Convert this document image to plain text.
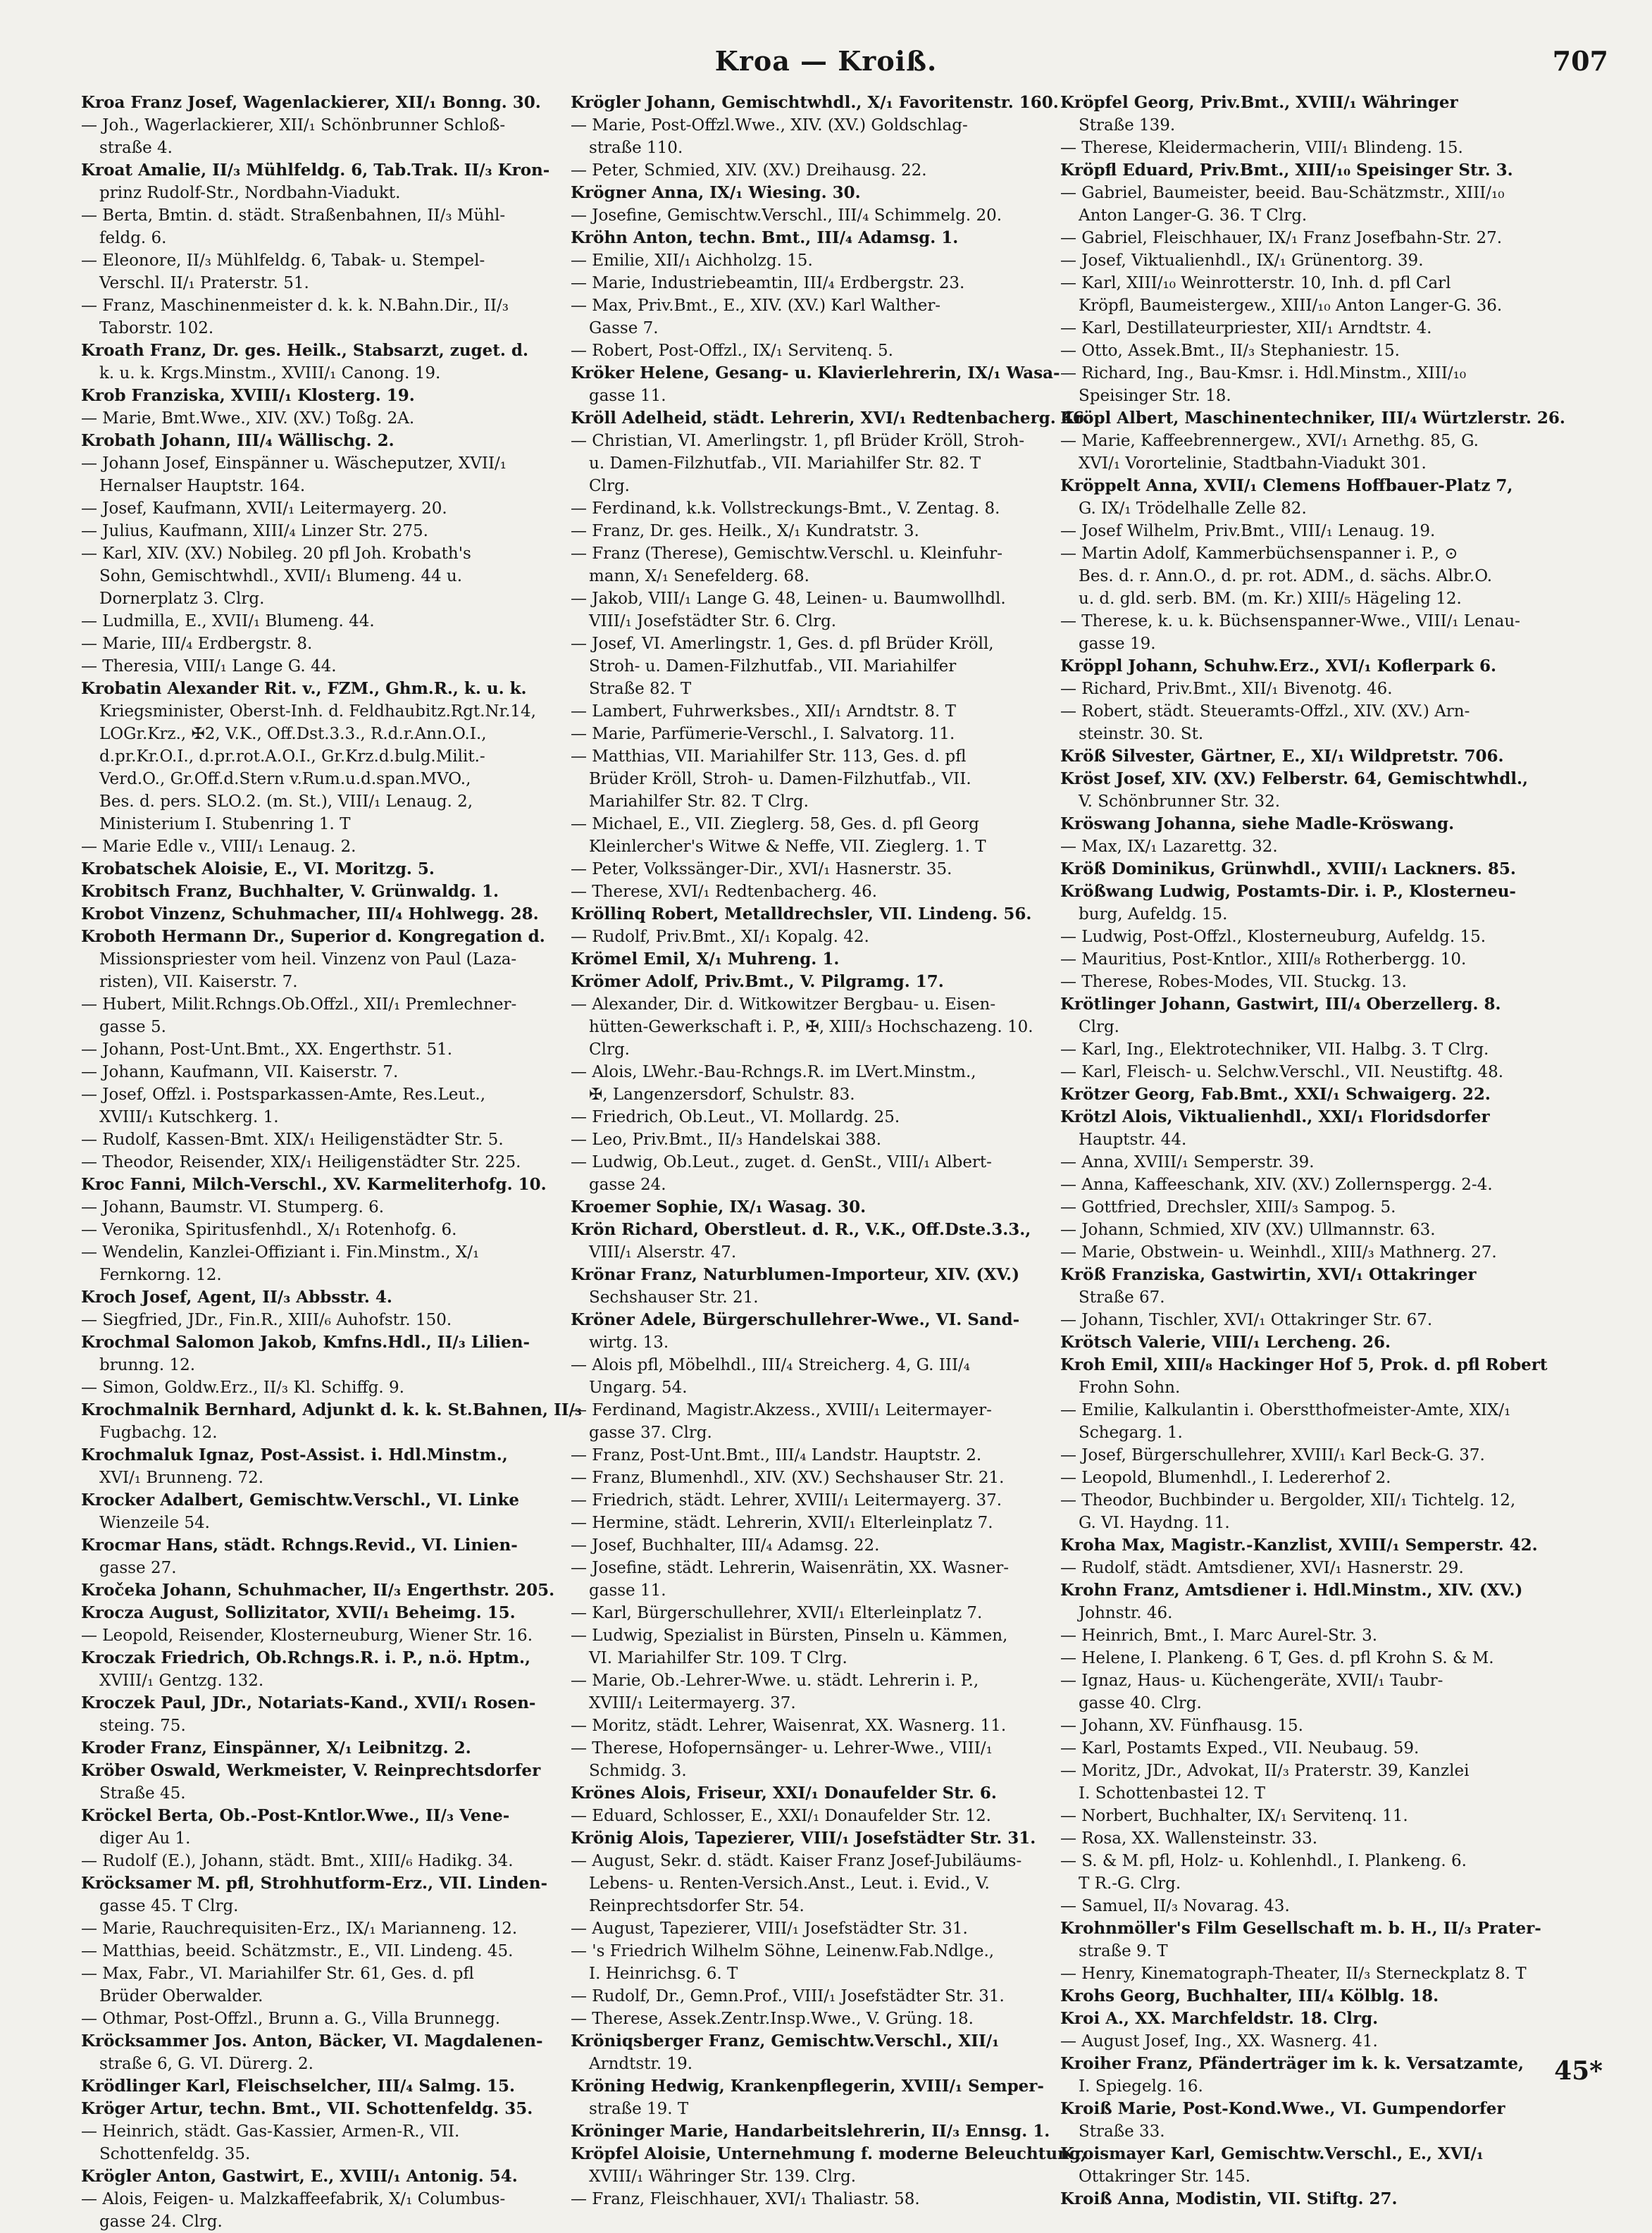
Kroa — Kroiß.	707
Kroa Franz Josef, Wagenlackierer, XII/₁ Bonng. 30.
— Joh., Wagerlackierer, XII/₁ Schönbrunner Schloß-
straße 4.
Kroat Amalie, II/₃ Mühlfeldg. 6, Tab.Trak. II/₃ Kron-
prinz Rudolf-Str., Nordbahn-Viadukt.
— Berta, Bmtin. d. städt. Straßenbahnen, II/₃ Mühl-
feldg. 6.
— Eleonore, II/₃ Mühlfeldg. 6, Tabak- u. Stempel-
Verschl. II/₁ Praterstr. 51.
— Franz, Maschinenmeister d. k. k. N.Bahn.Dir., II/₃
Taborstr. 102.
Kroath Franz, Dr. ges. Heilk., Stabsarzt, zuget. d.
k. u. k. Krgs.Minstm., XVIII/₁ Canong. 19.
Krob Franziska, XVIII/₁ Klosterg. 19.
— Marie, Bmt.Wwe., XIV. (XV.) Toßg. 2A.
Krobath Johann, III/₄ Wällischg. 2.
— Johann Josef, Einspänner u. Wäscheputzer, XVII/₁
Hernalser Hauptstr. 164.
— Josef, Kaufmann, XVII/₁ Leitermayerg. 20.
— Julius, Kaufmann, XIII/₄ Linzer Str. 275.
— Karl, XIV. (XV.) Nobileg. 20 pfl Joh. Krobath's
Sohn, Gemischtwhdl., XVII/₁ Blumeng. 44 u.
Dornerplatz 3. Clrg.
— Ludmilla, E., XVII/₁ Blumeng. 44.
— Marie, III/₄ Erdbergstr. 8.
— Theresia, VIII/₁ Lange G. 44.
Krobatin Alexander Rit. v., FZM., Ghm.R., k. u. k.
Kriegsminister, Oberst-Inh. d. Feldhaubitz.Rgt.Nr.14,
LOGr.Krz., ✠2, V.K., Off.Dst.3.3., R.d.r.Ann.O.I.,
d.pr.Kr.O.I., d.pr.rot.A.O.I., Gr.Krz.d.bulg.Milit.-
Verd.O., Gr.Off.d.Stern v.Rum.u.d.span.MVO.,
Bes. d. pers. SLO.2. (m. St.), VIII/₁ Lenaug. 2,
Ministerium I. Stubenring 1. T
— Marie Edle v., VIII/₁ Lenaug. 2.
Krobatschek Aloisie, E., VI. Moritzg. 5.
Krobitsch Franz, Buchhalter, V. Grünwaldg. 1.
Krobot Vinzenz, Schuhmacher, III/₄ Hohlwegg. 28.
Kroboth Hermann Dr., Superior d. Kongregation d.
Missionspriester vom heil. Vinzenz von Paul (Laza-
risten), VII. Kaiserstr. 7.
— Hubert, Milit.Rchngs.Ob.Offzl., XII/₁ Premlechner-
gasse 5.
— Johann, Post-Unt.Bmt., XX. Engerthstr. 51.
— Johann, Kaufmann, VII. Kaiserstr. 7.
— Josef, Offzl. i. Postsparkassen-Amte, Res.Leut.,
XVIII/₁ Kutschkerg. 1.
— Rudolf, Kassen-Bmt. XIX/₁ Heiligenstädter Str. 5.
— Theodor, Reisender, XIX/₁ Heiligenstädter Str. 225.
Kroc Fanni, Milch-Verschl., XV. Karmeliterhofg. 10.
— Johann, Baumstr. VI. Stumperg. 6.
— Veronika, Spiritusfenhdl., X/₁ Rotenhofg. 6.
— Wendelin, Kanzlei-Offiziant i. Fin.Minstm., X/₁
Fernkorng. 12.
Kroch Josef, Agent, II/₃ Abbsstr. 4.
— Siegfried, JDr., Fin.R., XIII/₆ Auhofstr. 150.
Krochmal Salomon Jakob, Kmfns.Hdl., II/₃ Lilien-
brunng. 12.
— Simon, Goldw.Erz., II/₃ Kl. Schiffg. 9.
Krochmalnik Bernhard, Adjunkt d. k. k. St.Bahnen, II/₃
Fugbachg. 12.
Krochmaluk Ignaz, Post-Assist. i. Hdl.Minstm.,
XVI/₁ Brunneng. 72.
Krocker Adalbert, Gemischtw.Verschl., VI. Linke
Wienzeile 54.
Krocmar Hans, städt. Rchngs.Revid., VI. Linien-
gasse 27.
Kročeka Johann, Schuhmacher, II/₃ Engerthstr. 205.
Krocza August, Sollizitator, XVII/₁ Beheimg. 15.
— Leopold, Reisender, Klosterneuburg, Wiener Str. 16.
Kroczak Friedrich, Ob.Rchngs.R. i. P., n.ö. Hptm.,
XVIII/₁ Gentzg. 132.
Kroczek Paul, JDr., Notariats-Kand., XVII/₁ Rosen-
steing. 75.
Kroder Franz, Einspänner, X/₁ Leibnitzg. 2.
Kröber Oswald, Werkmeister, V. Reinprechtsdorfer
Straße 45.
Kröckel Berta, Ob.-Post-Kntlor.Wwe., II/₃ Vene-
diger Au 1.
— Rudolf (E.), Johann, städt. Bmt., XIII/₆ Hadikg. 34.
Kröcksamer M. pfl, Strohhutform-Erz., VII. Linden-
gasse 45. T Clrg.
— Marie, Rauchrequisiten-Erz., IX/₁ Marianneng. 12.
— Matthias, beeid. Schätzmstr., E., VII. Lindeng. 45.
— Max, Fabr., VI. Mariahilfer Str. 61, Ges. d. pfl
Brüder Oberwalder.
— Othmar, Post-Offzl., Brunn a. G., Villa Brunnegg.
Kröcksammer Jos. Anton, Bäcker, VI. Magdalenen-
straße 6, G. VI. Dürerg. 2.
Krödlinger Karl, Fleischselcher, III/₄ Salmg. 15.
Kröger Artur, techn. Bmt., VII. Schottenfeldg. 35.
— Heinrich, städt. Gas-Kassier, Armen-R., VII.
Schottenfeldg. 35.
Krögler Anton, Gastwirt, E., XVIII/₁ Antonig. 54.
— Alois, Feigen- u. Malzkaffeefabrik, X/₁ Columbus-
gasse 24. Clrg.
Krögler Johann, Gemischtwhdl., X/₁ Favoritenstr. 160.
— Marie, Post-Offzl.Wwe., XIV. (XV.) Goldschlag-
straße 110.
— Peter, Schmied, XIV. (XV.) Dreihausg. 22.
Krögner Anna, IX/₁ Wiesing. 30.
— Josefine, Gemischtw.Verschl., III/₄ Schimmelg. 20.
Kröhn Anton, techn. Bmt., III/₄ Adamsg. 1.
— Emilie, XII/₁ Aichholzg. 15.
— Marie, Industriebeamtin, III/₄ Erdbergstr. 23.
— Max, Priv.Bmt., E., XIV. (XV.) Karl Walther-
Gasse 7.
— Robert, Post-Offzl., IX/₁ Servitenq. 5.
Kröker Helene, Gesang- u. Klavierlehrerin, IX/₁ Wasa-
gasse 11.
Kröll Adelheid, städt. Lehrerin, XVI/₁ Redtenbacherg. 46.
— Christian, VI. Amerlingstr. 1, pfl Brüder Kröll, Stroh-
u. Damen-Filzhutfab., VII. Mariahilfer Str. 82. T
Clrg.
— Ferdinand, k.k. Vollstreckungs-Bmt., V. Zentag. 8.
— Franz, Dr. ges. Heilk., X/₁ Kundratstr. 3.
— Franz (Therese), Gemischtw.Verschl. u. Kleinfuhr-
mann, X/₁ Senefelderg. 68.
— Jakob, VIII/₁ Lange G. 48, Leinen- u. Baumwollhdl.
VIII/₁ Josefstädter Str. 6. Clrg.
— Josef, VI. Amerlingstr. 1, Ges. d. pfl Brüder Kröll,
Stroh- u. Damen-Filzhutfab., VII. Mariahilfer
Straße 82. T
— Lambert, Fuhrwerksbes., XII/₁ Arndtstr. 8. T
— Marie, Parfümerie-Verschl., I. Salvatorg. 11.
— Matthias, VII. Mariahilfer Str. 113, Ges. d. pfl
Brüder Kröll, Stroh- u. Damen-Filzhutfab., VII.
Mariahilfer Str. 82. T Clrg.
— Michael, E., VII. Zieglerg. 58, Ges. d. pfl Georg
Kleinlercher's Witwe & Neffe, VII. Zieglerg. 1. T
— Peter, Volkssänger-Dir., XVI/₁ Hasnerstr. 35.
— Therese, XVI/₁ Redtenbacherg. 46.
Kröllinq Robert, Metalldrechsler, VII. Lindeng. 56.
— Rudolf, Priv.Bmt., XI/₁ Kopalg. 42.
Krömel Emil, X/₁ Muhreng. 1.
Krömer Adolf, Priv.Bmt., V. Pilgramg. 17.
— Alexander, Dir. d. Witkowitzer Bergbau- u. Eisen-
hütten-Gewerkschaft i. P., ✠, XIII/₃ Hochschazeng. 10.
Clrg.
— Alois, LWehr.-Bau-Rchngs.R. im LVert.Minstm.,
✠, Langenzersdorf, Schulstr. 83.
— Friedrich, Ob.Leut., VI. Mollardg. 25.
— Leo, Priv.Bmt., II/₃ Handelskai 388.
— Ludwig, Ob.Leut., zuget. d. GenSt., VIII/₁ Albert-
gasse 24.
Kroemer Sophie, IX/₁ Wasag. 30.
Krön Richard, Oberstleut. d. R., V.K., Off.Dste.3.3.,
VIII/₁ Alserstr. 47.
Krönar Franz, Naturblumen-Importeur, XIV. (XV.)
Sechshauser Str. 21.
Kröner Adele, Bürgerschullehrer-Wwe., VI. Sand-
wirtg. 13.
— Alois pfl, Möbelhdl., III/₄ Streicherg. 4, G. III/₄
Ungarg. 54.
— Ferdinand, Magistr.Akzess., XVIII/₁ Leitermayer-
gasse 37. Clrg.
— Franz, Post-Unt.Bmt., III/₄ Landstr. Hauptstr. 2.
— Franz, Blumenhdl., XIV. (XV.) Sechshauser Str. 21.
— Friedrich, städt. Lehrer, XVIII/₁ Leitermayerg. 37.
— Hermine, städt. Lehrerin, XVII/₁ Elterleinplatz 7.
— Josef, Buchhalter, III/₄ Adamsg. 22.
— Josefine, städt. Lehrerin, Waisenrätin, XX. Wasner-
gasse 11.
— Karl, Bürgerschullehrer, XVII/₁ Elterleinplatz 7.
— Ludwig, Spezialist in Bürsten, Pinseln u. Kämmen,
VI. Mariahilfer Str. 109. T Clrg.
— Marie, Ob.-Lehrer-Wwe. u. städt. Lehrerin i. P.,
XVIII/₁ Leitermayerg. 37.
— Moritz, städt. Lehrer, Waisenrat, XX. Wasnerg. 11.
— Therese, Hofopernsänger- u. Lehrer-Wwe., VIII/₁
Schmidg. 3.
Krönes Alois, Friseur, XXI/₁ Donaufelder Str. 6.
— Eduard, Schlosser, E., XXI/₁ Donaufelder Str. 12.
Krönig Alois, Tapezierer, VIII/₁ Josefstädter Str. 31.
— August, Sekr. d. städt. Kaiser Franz Josef-Jubiläums-
Lebens- u. Renten-Versich.Anst., Leut. i. Evid., V.
Reinprechtsdorfer Str. 54.
— August, Tapezierer, VIII/₁ Josefstädter Str. 31.
— 's Friedrich Wilhelm Söhne, Leinenw.Fab.Ndlge.,
I. Heinrichsg. 6. T
— Rudolf, Dr., Gemn.Prof., VIII/₁ Josefstädter Str. 31.
— Therese, Assek.Zentr.Insp.Wwe., V. Grüng. 18.
Kröniqsberger Franz, Gemischtw.Verschl., XII/₁
Arndtstr. 19.
Kröning Hedwig, Krankenpflegerin, XVIII/₁ Semper-
straße 19. T
Kröninger Marie, Handarbeitslehrerin, II/₃ Ennsg. 1.
Kröpfel Aloisie, Unternehmung f. moderne Beleuchtung,
XVIII/₁ Währinger Str. 139. Clrg.
— Franz, Fleischhauer, XVI/₁ Thaliastr. 58.
Kröpfel Georg, Priv.Bmt., XVIII/₁ Währinger
Straße 139.
— Therese, Kleidermacherin, VIII/₁ Blindeng. 15.
Kröpfl Eduard, Priv.Bmt., XIII/₁₀ Speisinger Str. 3.
— Gabriel, Baumeister, beeid. Bau-Schätzmstr., XIII/₁₀
Anton Langer-G. 36. T Clrg.
— Gabriel, Fleischhauer, IX/₁ Franz Josefbahn-Str. 27.
— Josef, Viktualienhdl., IX/₁ Grünentorg. 39.
— Karl, XIII/₁₀ Weinrotterstr. 10, Inh. d. pfl Carl
Kröpfl, Baumeistergew., XIII/₁₀ Anton Langer-G. 36.
— Karl, Destillateurpriester, XII/₁ Arndtstr. 4.
— Otto, Assek.Bmt., II/₃ Stephaniestr. 15.
— Richard, Ing., Bau-Kmsr. i. Hdl.Minstm., XIII/₁₀
Speisinger Str. 18.
Kröpl Albert, Maschinentechniker, III/₄ Würtzlerstr. 26.
— Marie, Kaffeebrennergew., XVI/₁ Arnethg. 85, G.
XVI/₁ Vorortelinie, Stadtbahn-Viadukt 301.
Kröppelt Anna, XVII/₁ Clemens Hoffbauer-Platz 7,
G. IX/₁ Trödelhalle Zelle 82.
— Josef Wilhelm, Priv.Bmt., VIII/₁ Lenaug. 19.
— Martin Adolf, Kammerbüchsenspanner i. P., ⊙
Bes. d. r. Ann.O., d. pr. rot. ADM., d. sächs. Albr.O.
u. d. gld. serb. BM. (m. Kr.) XIII/₅ Hägeling 12.
— Therese, k. u. k. Büchsenspanner-Wwe., VIII/₁ Lenau-
gasse 19.
Kröppl Johann, Schuhw.Erz., XVI/₁ Koflerpark 6.
— Richard, Priv.Bmt., XII/₁ Bivenotg. 46.
— Robert, städt. Steueramts-Offzl., XIV. (XV.) Arn-
steinstr. 30. St.
Kröß Silvester, Gärtner, E., XI/₁ Wildpretstr. 706.
Kröst Josef, XIV. (XV.) Felberstr. 64, Gemischtwhdl.,
V. Schönbrunner Str. 32.
Kröswang Johanna, siehe Madle-Kröswang.
— Max, IX/₁ Lazarettg. 32.
Kröß Dominikus, Grünwhdl., XVIII/₁ Lackners. 85.
Krößwang Ludwig, Postamts-Dir. i. P., Klosterneu-
burg, Aufeldg. 15.
— Ludwig, Post-Offzl., Klosterneuburg, Aufeldg. 15.
— Mauritius, Post-Kntlor., XIII/₈ Rotherbergg. 10.
— Therese, Robes-Modes, VII. Stuckg. 13.
Krötlinger Johann, Gastwirt, III/₄ Oberzellerg. 8.
Clrg.
— Karl, Ing., Elektrotechniker, VII. Halbg. 3. T Clrg.
— Karl, Fleisch- u. Selchw.Verschl., VII. Neustiftg. 48.
Krötzer Georg, Fab.Bmt., XXI/₁ Schwaigerg. 22.
Krötzl Alois, Viktualienhdl., XXI/₁ Floridsdorfer
Hauptstr. 44.
— Anna, XVIII/₁ Semperstr. 39.
— Anna, Kaffeeschank, XIV. (XV.) Zollernspergg. 2-4.
— Gottfried, Drechsler, XIII/₃ Sampog. 5.
— Johann, Schmied, XIV (XV.) Ullmannstr. 63.
— Marie, Obstwein- u. Weinhdl., XIII/₃ Mathnerg. 27.
Kröß Franziska, Gastwirtin, XVI/₁ Ottakringer
Straße 67.
— Johann, Tischler, XVI/₁ Ottakringer Str. 67.
Krötsch Valerie, VIII/₁ Lercheng. 26.
Kroh Emil, XIII/₈ Hackinger Hof 5, Prok. d. pfl Robert
Frohn Sohn.
— Emilie, Kalkulantin i. Oberstthofmeister-Amte, XIX/₁
Schegarg. 1.
— Josef, Bürgerschullehrer, XVIII/₁ Karl Beck-G. 37.
— Leopold, Blumenhdl., I. Ledererhof 2.
— Theodor, Buchbinder u. Bergolder, XII/₁ Tichtelg. 12,
G. VI. Haydng. 11.
Kroha Max, Magistr.-Kanzlist, XVIII/₁ Semperstr. 42.
— Rudolf, städt. Amtsdiener, XVI/₁ Hasnerstr. 29.
Krohn Franz, Amtsdiener i. Hdl.Minstm., XIV. (XV.)
Johnstr. 46.
— Heinrich, Bmt., I. Marc Aurel-Str. 3.
— Helene, I. Plankeng. 6 T, Ges. d. pfl Krohn S. & M.
— Ignaz, Haus- u. Küchengeräte, XVII/₁ Taubr-
gasse 40. Clrg.
— Johann, XV. Fünfhausg. 15.
— Karl, Postamts Exped., VII. Neubaug. 59.
— Moritz, JDr., Advokat, II/₃ Praterstr. 39, Kanzlei
I. Schottenbastei 12. T
— Norbert, Buchhalter, IX/₁ Servitenq. 11.
— Rosa, XX. Wallensteinstr. 33.
— S. & M. pfl, Holz- u. Kohlenhdl., I. Plankeng. 6.
T R.-G. Clrg.
— Samuel, II/₃ Novarag. 43.
Krohnmöller's Film Gesellschaft m. b. H., II/₃ Prater-
straße 9. T
— Henry, Kinematograph-Theater, II/₃ Sterneckplatz 8. T
Krohs Georg, Buchhalter, III/₄ Kölblg. 18.
Kroi A., XX. Marchfeldstr. 18. Clrg.
— August Josef, Ing., XX. Wasnerg. 41.
Kroiher Franz, Pfänderträger im k. k. Versatzamte,
I. Spiegelg. 16.
Kroiß Marie, Post-Kond.Wwe., VI. Gumpendorfer
Straße 33.
Kroismayer Karl, Gemischtw.Verschl., E., XVI/₁
Ottakringer Str. 145.
Kroiß Anna, Modistin, VII. Stiftg. 27.
45*
